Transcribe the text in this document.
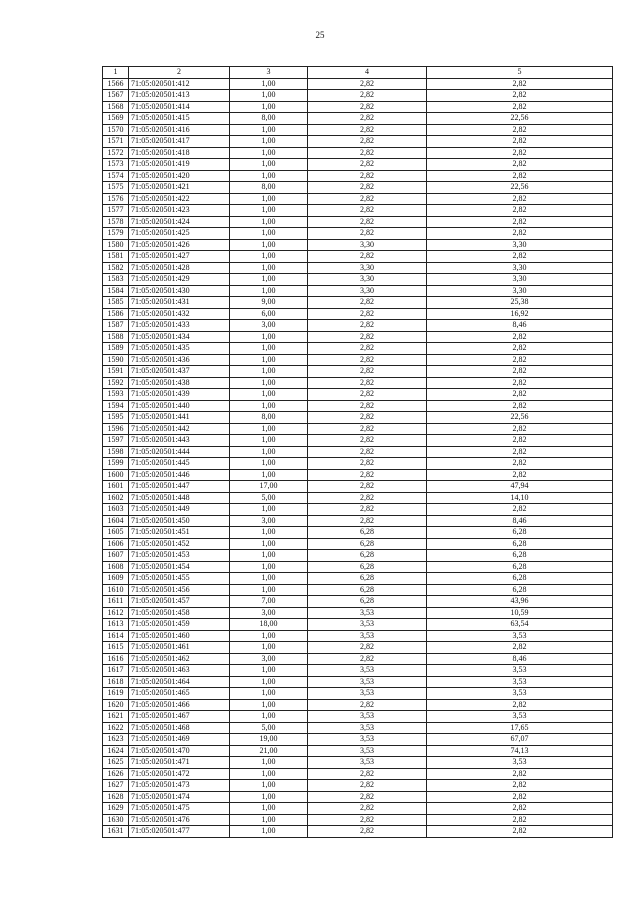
25
1	2	3	4	5
1566	71:05:020501:412	1,00	2,82	2,82
1567	71:05:020501:413	1,00	2,82	2,82
1568	71:05:020501:414	1,00	2,82	2,82
1569	71:05:020501:415	8,00	2,82	22,56
1570	71:05:020501:416	1,00	2,82	2,82
1571	71:05:020501:417	1,00	2,82	2,82
1572	71:05:020501:418	1,00	2,82	2,82
1573	71:05:020501:419	1,00	2,82	2,82
1574	71:05:020501:420	1,00	2,82	2,82
1575	71:05:020501:421	8,00	2,82	22,56
1576	71:05:020501:422	1,00	2,82	2,82
1577	71:05:020501:423	1,00	2,82	2,82
1578	71:05:020501:424	1,00	2,82	2,82
1579	71:05:020501:425	1,00	2,82	2,82
1580	71:05:020501:426	1,00	3,30	3,30
1581	71:05:020501:427	1,00	2,82	2,82
1582	71:05:020501:428	1,00	3,30	3,30
1583	71:05:020501:429	1,00	3,30	3,30
1584	71:05:020501:430	1,00	3,30	3,30
1585	71:05:020501:431	9,00	2,82	25,38
1586	71:05:020501:432	6,00	2,82	16,92
1587	71:05:020501:433	3,00	2,82	8,46
1588	71:05:020501:434	1,00	2,82	2,82
1589	71:05:020501:435	1,00	2,82	2,82
1590	71:05:020501:436	1,00	2,82	2,82
1591	71:05:020501:437	1,00	2,82	2,82
1592	71:05:020501:438	1,00	2,82	2,82
1593	71:05:020501:439	1,00	2,82	2,82
1594	71:05:020501:440	1,00	2,82	2,82
1595	71:05:020501:441	8,00	2,82	22,56
1596	71:05:020501:442	1,00	2,82	2,82
1597	71:05:020501:443	1,00	2,82	2,82
1598	71:05:020501:444	1,00	2,82	2,82
1599	71:05:020501:445	1,00	2,82	2,82
1600	71:05:020501:446	1,00	2,82	2,82
1601	71:05:020501:447	17,00	2,82	47,94
1602	71:05:020501:448	5,00	2,82	14,10
1603	71:05:020501:449	1,00	2,82	2,82
1604	71:05:020501:450	3,00	2,82	8,46
1605	71:05:020501:451	1,00	6,28	6,28
1606	71:05:020501:452	1,00	6,28	6,28
1607	71:05:020501:453	1,00	6,28	6,28
1608	71:05:020501:454	1,00	6,28	6,28
1609	71:05:020501:455	1,00	6,28	6,28
1610	71:05:020501:456	1,00	6,28	6,28
1611	71:05:020501:457	7,00	6,28	43,96
1612	71:05:020501:458	3,00	3,53	10,59
1613	71:05:020501:459	18,00	3,53	63,54
1614	71:05:020501:460	1,00	3,53	3,53
1615	71:05:020501:461	1,00	2,82	2,82
1616	71:05:020501:462	3,00	2,82	8,46
1617	71:05:020501:463	1,00	3,53	3,53
1618	71:05:020501:464	1,00	3,53	3,53
1619	71:05:020501:465	1,00	3,53	3,53
1620	71:05:020501:466	1,00	2,82	2,82
1621	71:05:020501:467	1,00	3,53	3,53
1622	71:05:020501:468	5,00	3,53	17,65
1623	71:05:020501:469	19,00	3,53	67,07
1624	71:05:020501:470	21,00	3,53	74,13
1625	71:05:020501:471	1,00	3,53	3,53
1626	71:05:020501:472	1,00	2,82	2,82
1627	71:05:020501:473	1,00	2,82	2,82
1628	71:05:020501:474	1,00	2,82	2,82
1629	71:05:020501:475	1,00	2,82	2,82
1630	71:05:020501:476	1,00	2,82	2,82
1631	71:05:020501:477	1,00	2,82	2,82
